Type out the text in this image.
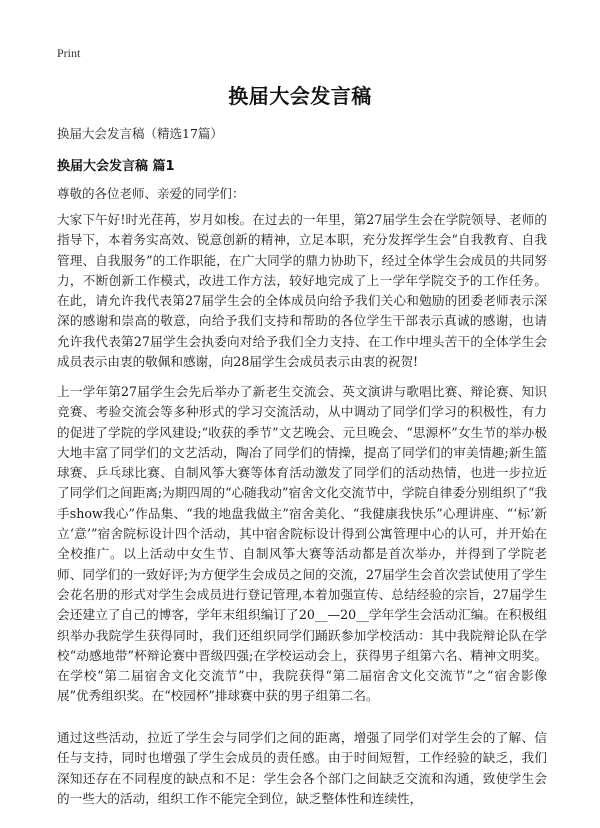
Print
换届大会发言稿

换届大会发言稿（精选17篇）

换届大会发言稿 篇1

尊敬的各位老师、亲爱的同学们：

大家下午好!时光荏苒，岁月如梭。在过去的一年里，第27届学生会在学院领导、老师的指导下，本着务实高效、锐意创新的精神，立足本职，充分发挥学生会“自我教育、自我管理、自我服务”的工作职能，在广大同学的鼎力协助下，经过全体学生会成员的共同努力，不断创新工作模式，改进工作方法，较好地完成了上一学年学院交予的工作任务。在此，请允许我代表第27届学生会的全体成员向给予我们关心和勉励的团委老师表示深深的感谢和崇高的敬意，向给予我们支持和帮助的各位学生干部表示真诚的感谢，也请允许我代表第27届学生会执委向对给予我们全力支持、在工作中埋头苦干的全体学生会成员表示由衷的敬佩和感谢，向28届学生会成员表示由衷的祝贺!

上一学年第27届学生会先后举办了新老生交流会、英文演讲与歌唱比赛、辩论赛、知识竞赛、考验交流会等多种形式的学习交流活动，从中调动了同学们学习的积极性，有力的促进了学院的学风建设;“收获的季节”文艺晚会、元旦晚会、“思源杯”女生节的举办极大地丰富了同学们的文艺活动，陶冶了同学们的情操，提高了同学们的审美情趣;新生篮球赛、乒乓球比赛、自制风筝大赛等体育活动激发了同学们的活动热情，也进一步拉近了同学们之间距离;为期四周的“心随我动”宿舍文化交流节中，学院自律委分别组织了“我手show我心”作品集、“我的地盘我做主”宿舍美化、“我健康我快乐”心理讲座、“‘标’新立‘意’”宿舍院标设计四个活动，其中宿舍院标设计得到公寓管理中心的认可，并开始在全校推广。以上活动中女生节、自制风筝大赛等活动都是首次举办，并得到了学院老师、同学们的一致好评;为方便学生会成员之间的交流，27届学生会首次尝试使用了学生会花名册的形式对学生会成员进行登记管理,本着加强宣传、总结经验的宗旨，27届学生会还建立了自己的博客，学年末组织编订了20__—20__学年学生会活动汇编。在积极组织举办我院学生获得同时，我们还组织同学们踊跃参加学校活动：其中我院辩论队在学校“动感地带”杯辩论赛中晋级四强;在学校运动会上，获得男子组第六名、精神文明奖。在学校“第二届宿舍文化交流节”中，我院获得“第二届宿舍文化交流节”之“宿舍影像展”优秀组织奖。在“校园杯”排球赛中获的男子组第二名。

通过这些活动，拉近了学生会与同学们之间的距离，增强了同学们对学生会的了解、信任与支持，同时也增强了学生会成员的责任感。由于时间短暂，工作经验的缺乏，我们深知还存在不同程度的缺点和不足：学生会各个部门之间缺乏交流和沟通，致使学生会的一些大的活动，组织工作不能完全到位，缺乏整体性和连续性，
